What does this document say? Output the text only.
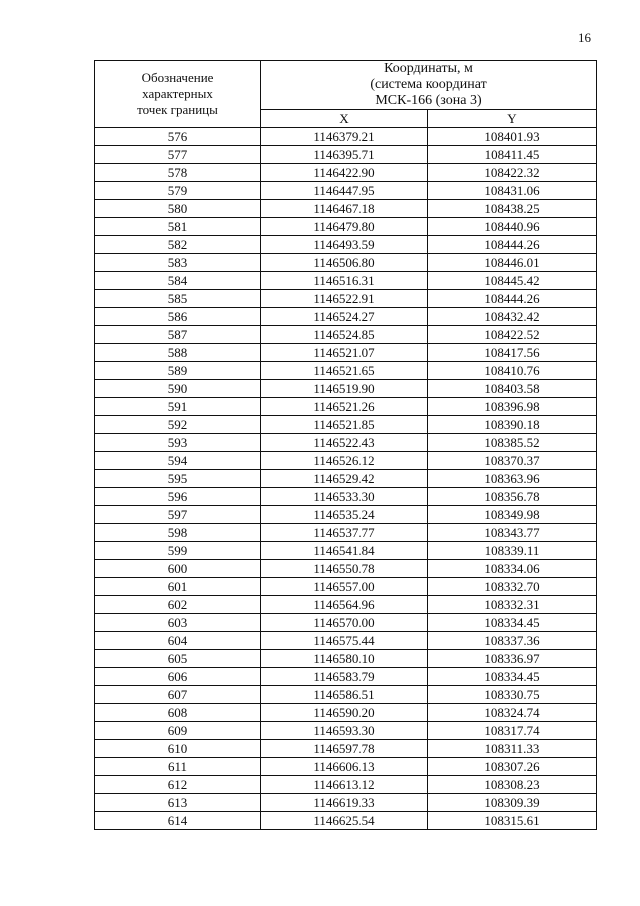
16
Обозначение
характерных
точек границы	Координаты, м
(система координат
МСК-166 (зона 3)	

	X	Y
576	1146379.21	108401.93
577	1146395.71	108411.45
578	1146422.90	108422.32
579	1146447.95	108431.06
580	1146467.18	108438.25
581	1146479.80	108440.96
582	1146493.59	108444.26
583	1146506.80	108446.01
584	1146516.31	108445.42
585	1146522.91	108444.26
586	1146524.27	108432.42
587	1146524.85	108422.52
588	1146521.07	108417.56
589	1146521.65	108410.76
590	1146519.90	108403.58
591	1146521.26	108396.98
592	1146521.85	108390.18
593	1146522.43	108385.52
594	1146526.12	108370.37
595	1146529.42	108363.96
596	1146533.30	108356.78
597	1146535.24	108349.98
598	1146537.77	108343.77
599	1146541.84	108339.11
600	1146550.78	108334.06
601	1146557.00	108332.70
602	1146564.96	108332.31
603	1146570.00	108334.45
604	1146575.44	108337.36
605	1146580.10	108336.97
606	1146583.79	108334.45
607	1146586.51	108330.75
608	1146590.20	108324.74
609	1146593.30	108317.74
610	1146597.78	108311.33
611	1146606.13	108307.26
612	1146613.12	108308.23
613	1146619.33	108309.39
614	1146625.54	108315.61
